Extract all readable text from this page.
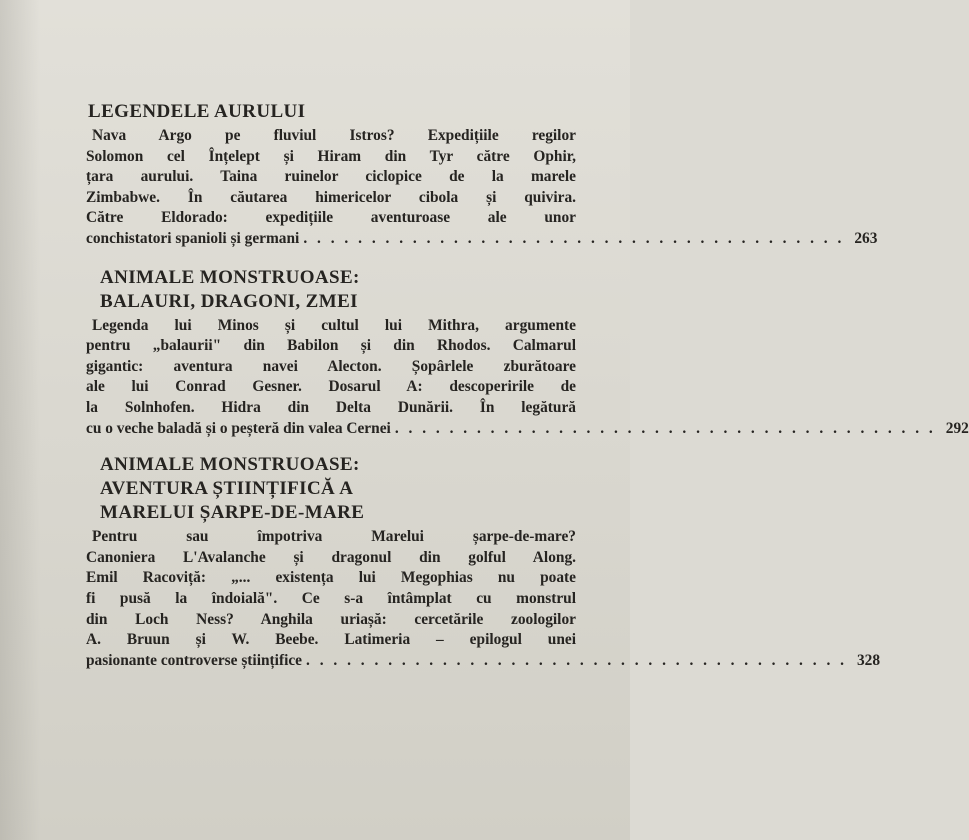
LEGENDELE AURULUI
Nava Argo pe fluviul Istros? Expedițiile regilor
Solomon cel Înțelept și Hiram din Tyr către Ophir,
țara aurului. Taina ruinelor ciclopice de la marele
Zimbabwe. În căutarea himericelor cibola și quivira.
Către Eldorado: expedițiile aventuroase ale unor
conchistatori spanioli și germani . . . . . . . . . . . . . . . . . . . . . . . . . . . . . . . . . . . . . . . . 263
ANIMALE MONSTRUOASE:
BALAURI, DRAGONI, ZMEI
Legenda lui Minos și cultul lui Mithra, argumente
pentru „balaurii" din Babilon și din Rhodos. Calmarul
gigantic: aventura navei Alecton. Șopârlele zburătoare
ale lui Conrad Gesner. Dosarul A: descoperirile de
la Solnhofen. Hidra din Delta Dunării. În legătură
cu o veche baladă și o peșteră din valea Cernei . . . . . . . . . . . . . . . . . . . . . . . . . . . . . . . . . . . . . . . . 292
ANIMALE MONSTRUOASE:
AVENTURA ȘTIINȚIFICĂ A
MARELUI ȘARPE-DE-MARE
Pentru sau împotriva Marelui șarpe-de-mare?
Canoniera L'Avalanche și dragonul din golful Along.
Emil Racoviță: „... existența lui Megophias nu poate
fi pusă la îndoială". Ce s-a întâmplat cu monstrul
din Loch Ness? Anghila uriașă: cercetările zoologilor
A. Bruun și W. Beebe. Latimeria – epilogul unei
pasionante controverse științifice . . . . . . . . . . . . . . . . . . . . . . . . . . . . . . . . . . . . . . . . 328
